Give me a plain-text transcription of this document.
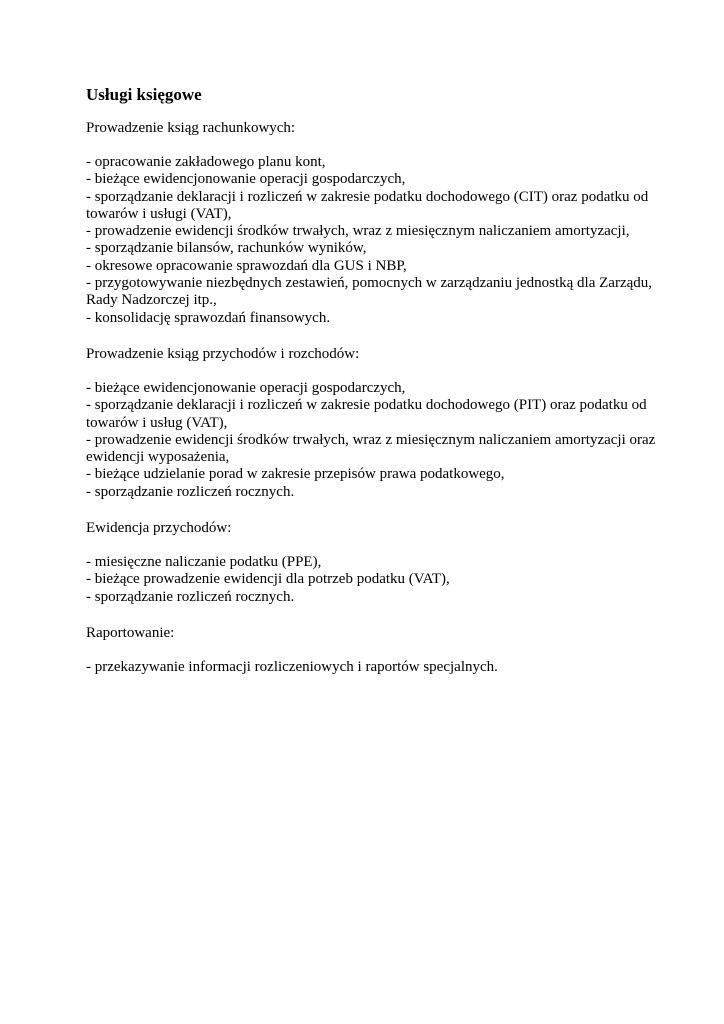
Usługi księgowe

Prowadzenie ksiąg rachunkowych:

- opracowanie zakładowego planu kont,
- bieżące ewidencjonowanie operacji gospodarczych,
- sporządzanie deklaracji i rozliczeń w zakresie podatku dochodowego (CIT) oraz podatku od towarów i usługi (VAT),
- prowadzenie ewidencji środków trwałych, wraz z miesięcznym naliczaniem amortyzacji,
- sporządzanie bilansów, rachunków wyników,
- okresowe opracowanie sprawozdań dla GUS i NBP,
- przygotowywanie niezbędnych zestawień, pomocnych w zarządzaniu jednostką dla Zarządu, Rady Nadzorczej itp.,
- konsolidację sprawozdań finansowych.

Prowadzenie ksiąg przychodów i rozchodów:

- bieżące ewidencjonowanie operacji gospodarczych,
- sporządzanie deklaracji i rozliczeń w zakresie podatku dochodowego (PIT) oraz podatku od towarów i usług (VAT),
- prowadzenie ewidencji środków trwałych, wraz z miesięcznym naliczaniem amortyzacji oraz ewidencji wyposażenia,
- bieżące udzielanie porad w zakresie przepisów prawa podatkowego,
- sporządzanie rozliczeń rocznych.

Ewidencja przychodów:

- miesięczne naliczanie podatku (PPE),
- bieżące prowadzenie ewidencji dla potrzeb podatku (VAT),
- sporządzanie rozliczeń rocznych.

Raportowanie:

- przekazywanie informacji rozliczeniowych i raportów specjalnych.
